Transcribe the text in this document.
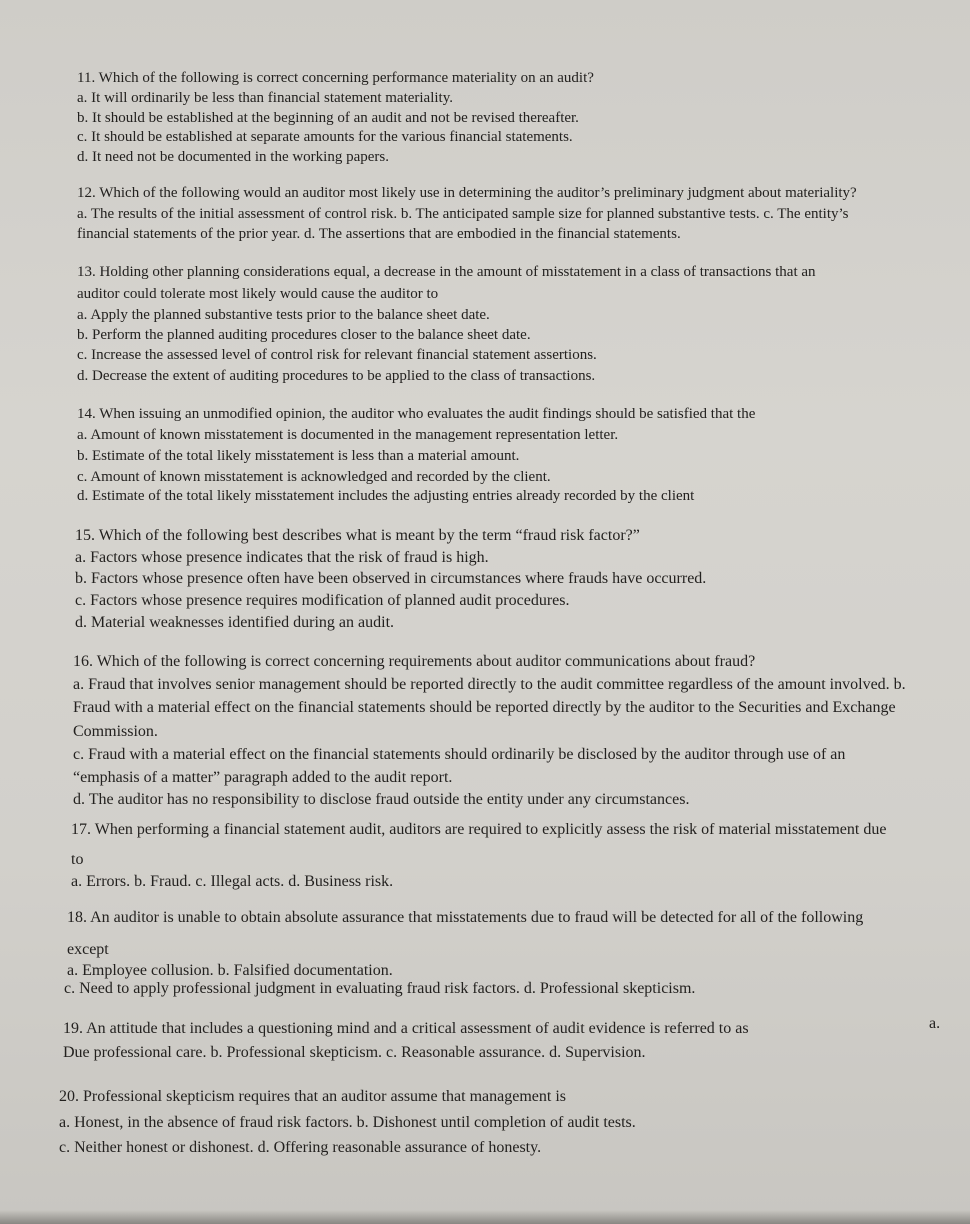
11. Which of the following is correct concerning performance materiality on an audit?
a. It will ordinarily be less than financial statement materiality.
b. It should be established at the beginning of an audit and not be revised thereafter.
c. It should be established at separate amounts for the various financial statements.
d. It need not be documented in the working papers.
12. Which of the following would an auditor most likely use in determining the auditor’s preliminary judgment about materiality?
a. The results of the initial assessment of control risk. b. The anticipated sample size for planned substantive tests. c. The entity’s
financial statements of the prior year. d. The assertions that are embodied in the financial statements.
13. Holding other planning considerations equal, a decrease in the amount of misstatement in a class of transactions that an
auditor could tolerate most likely would cause the auditor to
a. Apply the planned substantive tests prior to the balance sheet date.
b. Perform the planned auditing procedures closer to the balance sheet date.
c. Increase the assessed level of control risk for relevant financial statement assertions.
d. Decrease the extent of auditing procedures to be applied to the class of transactions.
14. When issuing an unmodified opinion, the auditor who evaluates the audit findings should be satisfied that the
a. Amount of known misstatement is documented in the management representation letter.
b. Estimate of the total likely misstatement is less than a material amount.
c. Amount of known misstatement is acknowledged and recorded by the client.
d. Estimate of the total likely misstatement includes the adjusting entries already recorded by the client
15. Which of the following best describes what is meant by the term “fraud risk factor?”
a. Factors whose presence indicates that the risk of fraud is high.
b. Factors whose presence often have been observed in circumstances where frauds have occurred.
c. Factors whose presence requires modification of planned audit procedures.
d. Material weaknesses identified during an audit.
16. Which of the following is correct concerning requirements about auditor communications about fraud?
a. Fraud that involves senior management should be reported directly to the audit committee regardless of the amount involved. b.
Fraud with a material effect on the financial statements should be reported directly by the auditor to the Securities and Exchange
Commission.
c. Fraud with a material effect on the financial statements should ordinarily be disclosed by the auditor through use of an
“emphasis of a matter” paragraph added to the audit report.
d. The auditor has no responsibility to disclose fraud outside the entity under any circumstances.
17. When performing a financial statement audit, auditors are required to explicitly assess the risk of material misstatement due
to
a. Errors. b. Fraud. c. Illegal acts. d. Business risk.
18. An auditor is unable to obtain absolute assurance that misstatements due to fraud will be detected for all of the following
except
a. Employee collusion. b. Falsified documentation.
c. Need to apply professional judgment in evaluating fraud risk factors. d. Professional skepticism.
19. An attitude that includes a questioning mind and a critical assessment of audit evidence is referred to as	a.
Due professional care. b. Professional skepticism. c. Reasonable assurance. d. Supervision.
20. Professional skepticism requires that an auditor assume that management is
a. Honest, in the absence of fraud risk factors. b. Dishonest until completion of audit tests.
c. Neither honest or dishonest. d. Offering reasonable assurance of honesty.
